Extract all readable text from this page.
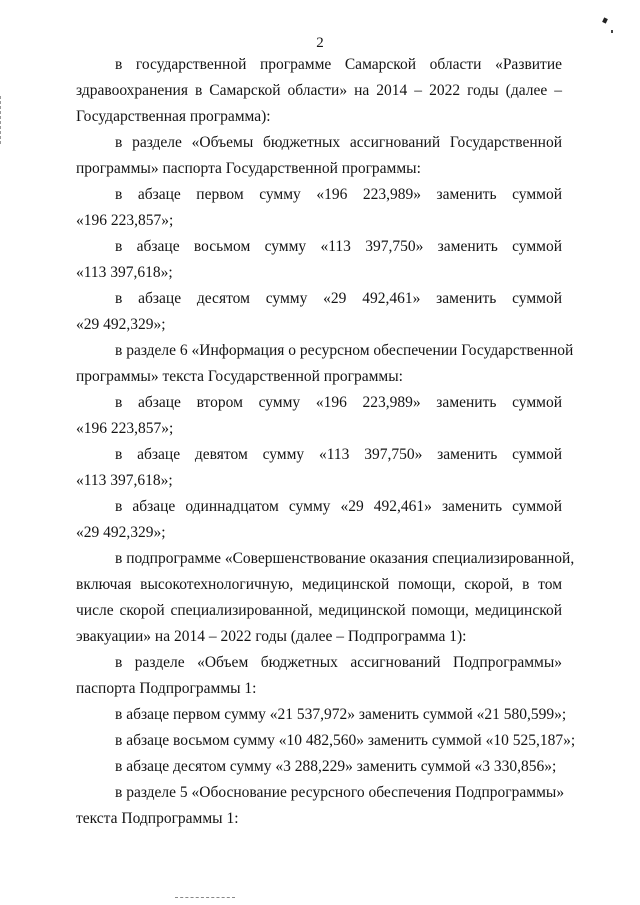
2
в государственной программе Самарской области «Развитие
здравоохранения в Самарской области» на 2014 – 2022 годы (далее –
Государственная программа):
в разделе «Объемы бюджетных ассигнований Государственной
программы» паспорта Государственной программы:
в абзаце первом сумму «196 223,989» заменить суммой
«196 223,857»;
в абзаце восьмом сумму «113 397,750» заменить суммой
«113 397,618»;
в абзаце десятом сумму «29 492,461» заменить суммой
«29 492,329»;
в разделе 6 «Информация о ресурсном обеспечении Государственной
программы» текста Государственной программы:
в абзаце втором сумму «196 223,989» заменить суммой
«196 223,857»;
в абзаце девятом сумму «113 397,750» заменить суммой
«113 397,618»;
в абзаце одиннадцатом сумму «29 492,461» заменить суммой
«29 492,329»;
в подпрограмме «Совершенствование оказания специализированной,
включая высокотехнологичную, медицинской помощи, скорой, в том
числе скорой специализированной, медицинской помощи, медицинской
эвакуации» на 2014 – 2022 годы (далее – Подпрограмма 1):
в разделе «Объем бюджетных ассигнований Подпрограммы»
паспорта Подпрограммы 1:
в абзаце первом сумму «21 537,972» заменить суммой «21 580,599»;
в абзаце восьмом сумму «10 482,560» заменить суммой «10 525,187»;
в абзаце десятом сумму «3 288,229» заменить суммой «3 330,856»;
в разделе 5 «Обоснование ресурсного обеспечения Подпрограммы»
текста Подпрограммы 1:
